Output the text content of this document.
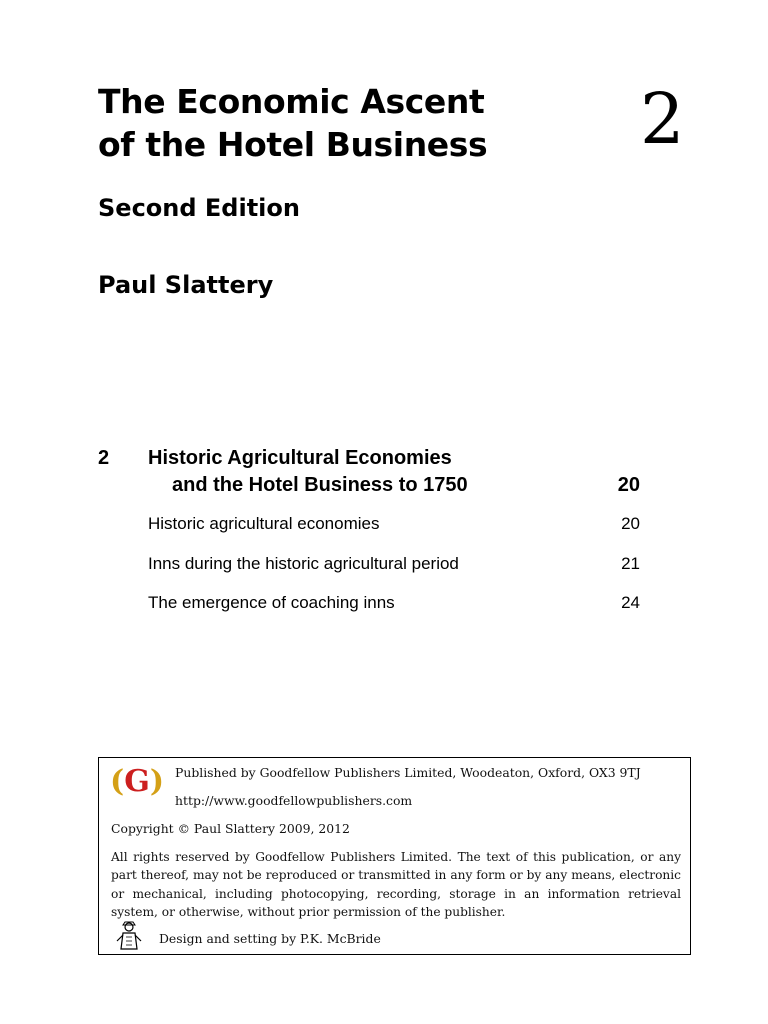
The Economic Ascent
of the Hotel Business 2
Second Edition
Paul Slattery
2 Historic Agricultural Economies
and the Hotel Business to 1750	20
Historic agricultural economies	20
Inns during the historic agricultural period	21
The emergence of coaching inns	24
(G) Published by Goodfellow Publishers Limited, Woodeaton, Oxford, OX3 9TJ
http://www.goodfellowpublishers.com
Copyright © Paul Slattery 2009, 2012
All rights reserved by Goodfellow Publishers Limited. The text of this publication, or any part thereof, may not be reproduced or transmitted in any form or by any means, electronic or mechanical, including photocopying, recording, storage in an information retrieval system, or otherwise, without prior permission of the publisher.
Design and setting by P.K. McBride
